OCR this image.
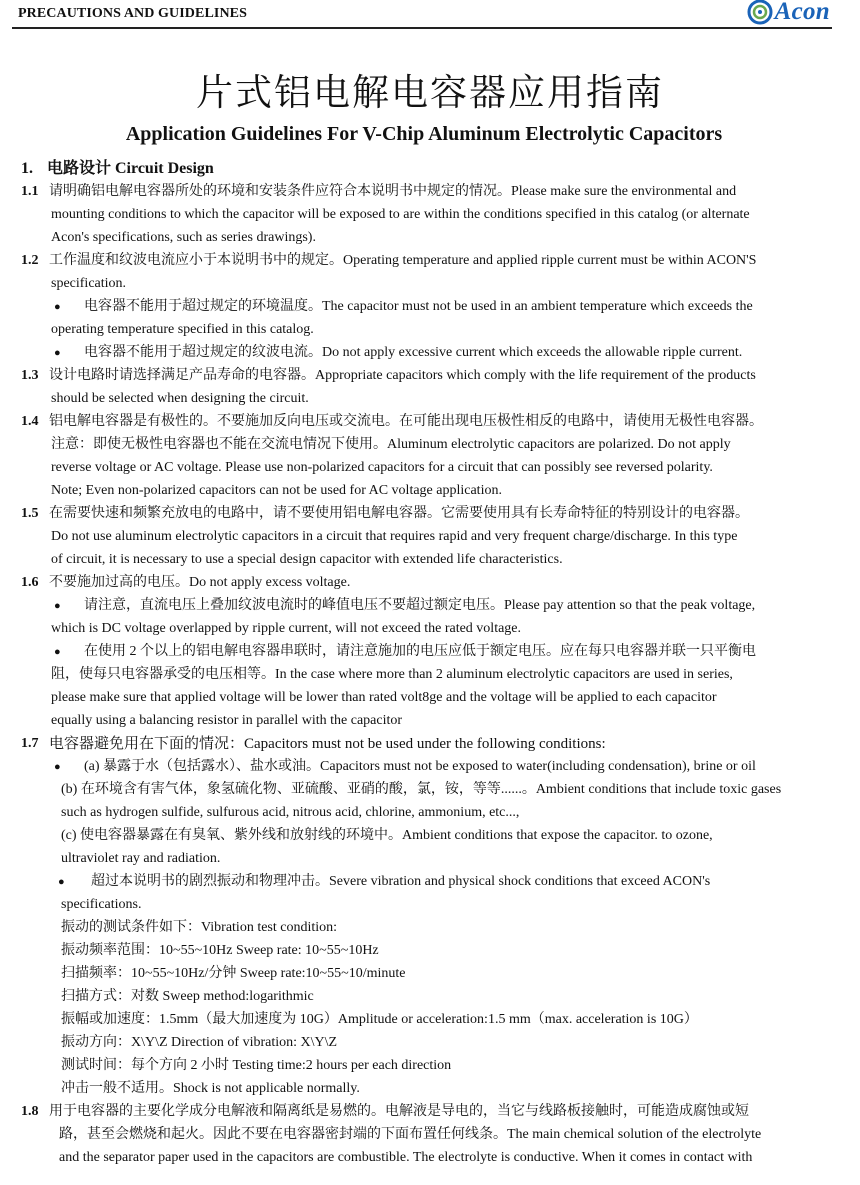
PRECAUTIONS AND GUIDELINES	Acon
片式铝电解电容器应用指南
Application Guidelines For V-Chip Aluminum Electrolytic Capacitors
1. 电路设计 Circuit Design
1.1 请明确铝电解电容器所处的环境和安装条件应符合本说明书中规定的情况。Please make sure the environmental and
mounting conditions to which the capacitor will be exposed to are within the conditions specified in this catalog (or alternate
Acon's specifications, such as series drawings).
1.2 工作温度和纹波电流应小于本说明书中的规定。Operating temperature and applied ripple current must be within ACON'S
specification.
● 电容器不能用于超过规定的环境温度。The capacitor must not be used in an ambient temperature which exceeds the
operating temperature specified in this catalog.
● 电容器不能用于超过规定的纹波电流。Do not apply excessive current which exceeds the allowable ripple current.
1.3 设计电路时请选择满足产品寿命的电容器。Appropriate capacitors which comply with the life requirement of the products
should be selected when designing the circuit.
1.4 铝电解电容器是有极性的。不要施加反向电压或交流电。在可能出现电压极性相反的电路中，请使用无极性电容器。
注意：即使无极性电容器也不能在交流电情况下使用。Aluminum electrolytic capacitors are polarized. Do not apply
reverse voltage or AC voltage. Please use non-polarized capacitors for a circuit that can possibly see reversed polarity.
Note; Even non-polarized capacitors can not be used for AC voltage application.
1.5 在需要快速和频繁充放电的电路中，请不要使用铝电解电容器。它需要使用具有长寿命特征的特别设计的电容器。
Do not use aluminum electrolytic capacitors in a circuit that requires rapid and very frequent charge/discharge. In this type
of circuit, it is necessary to use a special design capacitor with extended life characteristics.
1.6 不要施加过高的电压。Do not apply excess voltage.
● 请注意，直流电压上叠加纹波电流时的峰值电压不要超过额定电压。Please pay attention so that the peak voltage,
which is DC voltage overlapped by ripple current, will not exceed the rated voltage.
● 在使用 2 个以上的铝电解电容器串联时，请注意施加的电压应低于额定电压。应在每只电容器并联一只平衡电
阻，使每只电容器承受的电压相等。In the case where more than 2 aluminum electrolytic capacitors are used in series,
please make sure that applied voltage will be lower than rated volt8ge and the voltage will be applied to each capacitor
equally using a balancing resistor in parallel with the capacitor
1.7 电容器避免用在下面的情况：Capacitors must not be used under the following conditions:
● (a) 暴露于水（包括露水）、盐水或油。Capacitors must not be exposed to water(including condensation), brine or oil
(b) 在环境含有害气体，象氢硫化物、亚硫酸、亚硝的酸，氯，铵，等等......。Ambient conditions that include toxic gases
such as hydrogen sulfide, sulfurous acid, nitrous acid, chlorine, ammonium, etc...,
(c) 使电容器暴露在有臭氧、紫外线和放射线的环境中。Ambient conditions that expose the capacitor. to ozone,
ultraviolet ray and radiation.
● 超过本说明书的剧烈振动和物理冲击。Severe vibration and physical shock conditions that exceed ACON's
specifications.
振动的测试条件如下：Vibration test condition:
振动频率范围：10~55~10Hz Sweep rate: 10~55~10Hz
扫描频率：10~55~10Hz/分钟 Sweep rate:10~55~10/minute
扫描方式：对数 Sweep method:logarithmic
振幅或加速度：1.5mm（最大加速度为 10G）Amplitude or acceleration:1.5 mm（max. acceleration is 10G）
振动方向：X\Y\Z Direction of vibration: X\Y\Z
测试时间：每个方向 2 小时 Testing time:2 hours per each direction
冲击一般不适用。Shock is not applicable normally.
1.8 用于电容器的主要化学成分电解液和隔离纸是易燃的。电解液是导电的，当它与线路板接触时，可能造成腐蚀或短
路，甚至会燃烧和起火。因此不要在电容器密封端的下面布置任何线条。The main chemical solution of the electrolyte
and the separator paper used in the capacitors are combustible. The electrolyte is conductive. When it comes in contact with
